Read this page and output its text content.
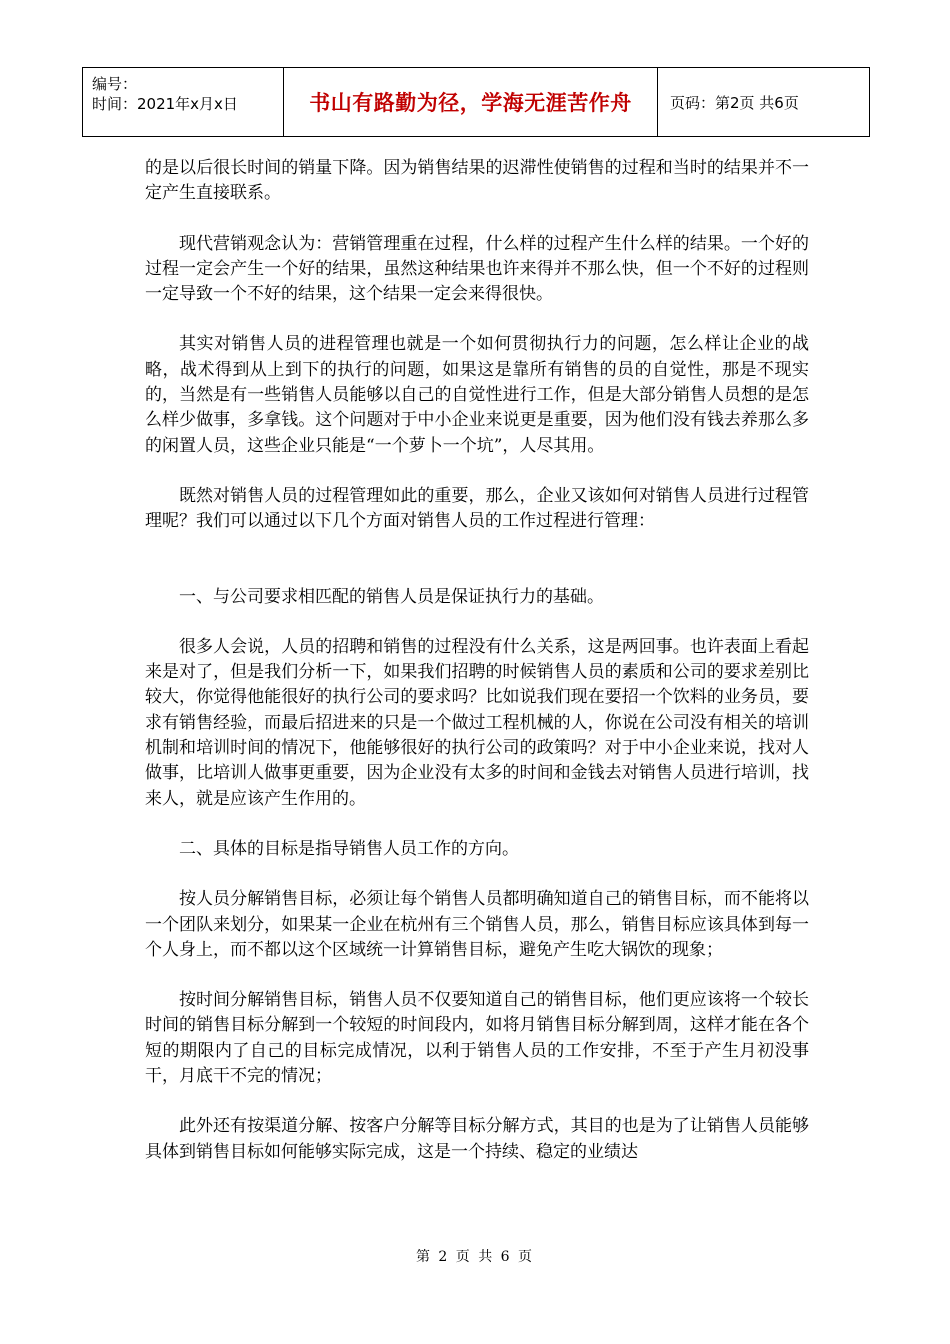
编号：
时间：2021年x月x日	书山有路勤为径，学海无涯苦作舟	页码：第2页 共6页

的是以后很长时间的销量下降。因为销售结果的迟滞性使销售的过程和当时的结果并不一定产生直接联系。

现代营销观念认为：营销管理重在过程，什么样的过程产生什么样的结果。一个好的过程一定会产生一个好的结果，虽然这种结果也许来得并不那么快，但一个不好的过程则一定导致一个不好的结果，这个结果一定会来得很快。

其实对销售人员的进程管理也就是一个如何贯彻执行力的问题，怎么样让企业的战略，战术得到从上到下的执行的问题，如果这是靠所有销售的员的自觉性，那是不现实的，当然是有一些销售人员能够以自己的自觉性进行工作，但是大部分销售人员想的是怎么样少做事，多拿钱。这个问题对于中小企业来说更是重要，因为他们没有钱去养那么多的闲置人员，这些企业只能是“一个萝卜一个坑”，人尽其用。

既然对销售人员的过程管理如此的重要，那么，企业又该如何对销售人员进行过程管理呢？我们可以通过以下几个方面对销售人员的工作过程进行管理：

一、与公司要求相匹配的销售人员是保证执行力的基础。

很多人会说，人员的招聘和销售的过程没有什么关系，这是两回事。也许表面上看起来是对了，但是我们分析一下，如果我们招聘的时候销售人员的素质和公司的要求差别比较大，你觉得他能很好的执行公司的要求吗？比如说我们现在要招一个饮料的业务员，要求有销售经验，而最后招进来的只是一个做过工程机械的人，你说在公司没有相关的培训机制和培训时间的情况下，他能够很好的执行公司的政策吗？对于中小企业来说，找对人做事，比培训人做事更重要，因为企业没有太多的时间和金钱去对销售人员进行培训，找来人，就是应该产生作用的。

二、具体的目标是指导销售人员工作的方向。

按人员分解销售目标，必须让每个销售人员都明确知道自己的销售目标，而不能将以一个团队来划分，如果某一企业在杭州有三个销售人员，那么，销售目标应该具体到每一个人身上，而不都以这个区域统一计算销售目标，避免产生吃大锅饮的现象；

按时间分解销售目标，销售人员不仅要知道自己的销售目标，他们更应该将一个较长时间的销售目标分解到一个较短的时间段内，如将月销售目标分解到周，这样才能在各个短的期限内了自己的目标完成情况，以利于销售人员的工作安排，不至于产生月初没事干，月底干不完的情况；

此外还有按渠道分解、按客户分解等目标分解方式，其目的也是为了让销售人员能够具体到销售目标如何能够实际完成，这是一个持续、稳定的业绩达

第 2 页 共 6 页
